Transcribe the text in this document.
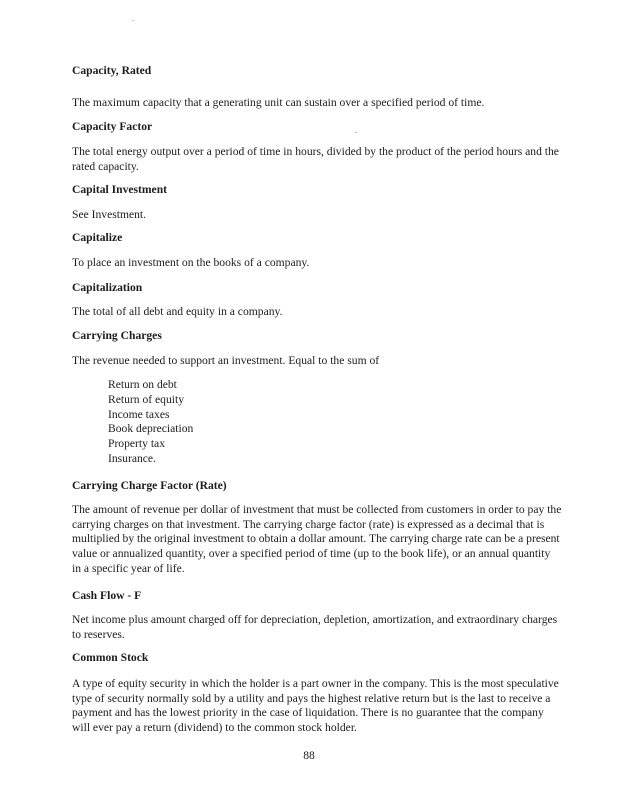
88
Capacity, Rated
The maximum capacity that a generating unit can sustain over a specified period of time.
Capacity Factor
The total energy output over a period of time in hours, divided by the product of the period hours and the
rated capacity.
Capital Investment
See Investment.
Capitalize
To place an investment on the books of a company.
Capitalization
The total of all debt and equity in a company.
Carrying Charges
The revenue needed to support an investment. Equal to the sum of
Return on debt
Return of equity
Income taxes
Book depreciation
Property tax
Insurance.
Carrying Charge Factor (Rate)
The amount of revenue per dollar of investment that must be collected from customers in order to pay the
carrying charges on that investment. The carrying charge factor (rate) is expressed as a decimal that is
multiplied by the original investment to obtain a dollar amount. The carrying charge rate can be a present
value or annualized quantity, over a specified period of time (up to the book life), or an annual quantity
in a specific year of life.
Cash Flow - F
Net income plus amount charged off for depreciation, depletion, amortization, and extraordinary charges
to reserves.
Common Stock
A type of equity security in which the holder is a part owner in the company. This is the most speculative
type of security normally sold by a utility and pays the highest relative return but is the last to receive a
payment and has the lowest priority in the case of liquidation. There is no guarantee that the company
will ever pay a return (dividend) to the common stock holder.
